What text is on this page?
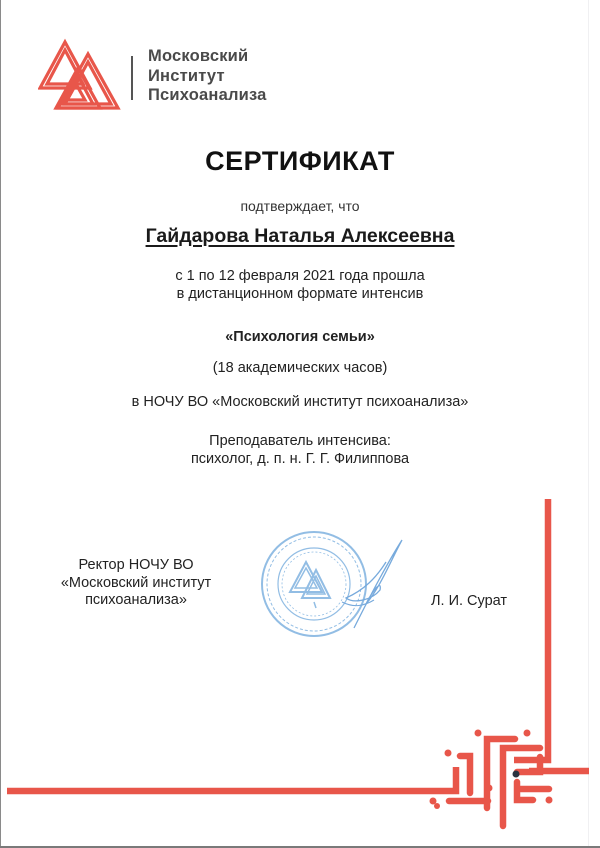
Московский
Институт
Психоанализа
СЕРТИФИКАТ
подтверждает, что
Гайдарова Наталья Алексеевна
с 1 по 12 февраля 2021 года прошла
в дистанционном формате интенсив
«Психология семьи»
(18 академических часов)
в НОЧУ ВО «Московский институт психоанализа»
Преподаватель интенсива:
психолог, д. п. н. Г. Г. Филиппова
Ректор НОЧУ ВО
«Московский институт
психоанализа»	Л. И. Сурат
